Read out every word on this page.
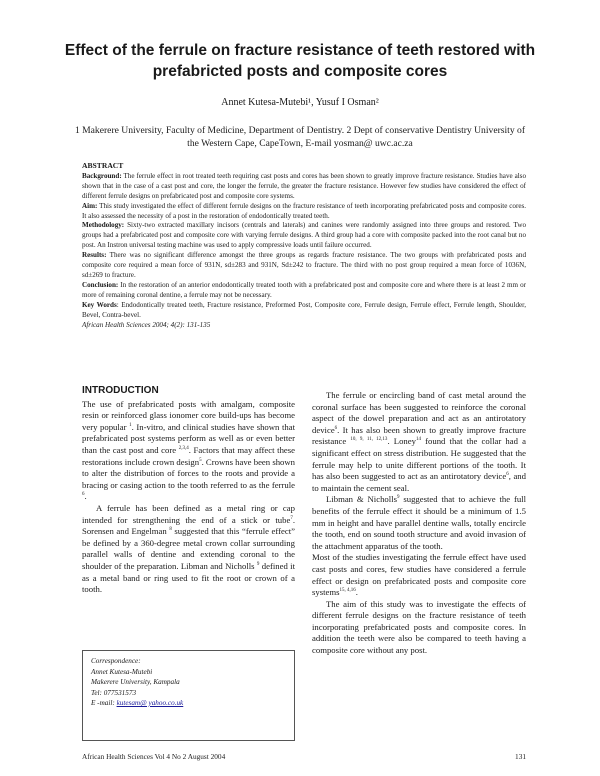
Effect of the ferrule on fracture resistance of teeth restored with prefabricted posts and composite cores
Annet Kutesa-Mutebi¹, Yusuf I Osman²
1 Makerere University, Faculty of Medicine, Department of Dentistry. 2 Dept of conservative Dentistry University of the Western Cape, CapeTown, E-mail yosman@ uwc.ac.za

ABSTRACT

Background: The ferrule effect in root treated teeth requiring cast posts and cores has been shown to greatly improve fracture resistance. Studies have also shown that in the case of a cast post and core, the longer the ferrule, the greater the fracture resistance. However few studies have considered the effect of different ferrule designs on prefabricated post and composite core systems.

Aim: This study investigated the effect of different ferrule designs on the fracture resistance of teeth incorporating prefabricated posts and composite cores. It also assessed the necessity of a post in the restoration of endodontically treated teeth.

Methodology: Sixty-two extracted maxillary incisors (centrals and laterals) and canines were randomly assigned into three groups and restored. Two groups had a prefabricated post and composite core with varying ferrule designs. A third group had a core with composite packed into the root canal but no post. An Instron universal testing machine was used to apply compressive loads until failure occurred.

Results: There was no significant difference amongst the three groups as regards fracture resistance. The two groups with prefabricated posts and composite core required a mean force of 931N, sd±283 and 931N, Sd±242 to fracture. The third with no post group required a mean force of 1036N, sd±269 to fracture.

Conclusion: In the restoration of an anterior endodontically treated tooth with a prefabricated post and composite core and where there is at least 2 mm or more of remaining coronal dentine, a ferrule may not be necessary.

Key Words: Endodontically treated teeth, Fracture resistance, Preformed Post, Composite core, Ferrule design, Ferrule effect, Ferrule length, Shoulder, Bevel, Contra-bevel.

African Health Sciences 2004; 4(2): 131-135

INTRODUCTION

The use of prefabricated posts with amalgam, composite resin or reinforced glass ionomer core build-ups has become very popular $^1$. In-vitro, and clinical studies have shown that prefabricated post systems perform as well as or even better than the cast post and core $^{2,3,4}$. Factors that may affect these restorations include crown design$^5$. Crowns have been shown to alter the distribution of forces to the roots and provide a bracing or casing action to the tooth referred to as the ferrule $^6$.

A ferrule has been defined as a metal ring or cap intended for strengthening the end of a stick or tube$^7$. Sorensen and Engelman $^8$ suggested that this “ferrule effect” be defined by a 360-degree metal crown collar surrounding parallel walls of dentine and extending coronal to the shoulder of the preparation. Libman and Nicholls $^9$ defined it as a metal band or ring used to fit the root or crown of a tooth.

Correspondence:
Annet Kutesa-Mutebi
Makerere University, Kampala
Tel: 077531573
E -mail: kutesam@ yahoo.co.uk

The ferrule or encircling band of cast metal around the coronal surface has been suggested to reinforce the coronal aspect of the dowel preparation and act as an antirotatory device$^6$. It has also been shown to greatly improve fracture resistance $^{10, 9, 11, 12,13}$. Loney$^{14}$ found that the collar had a significant effect on stress distribution. He suggested that the ferrule may help to unite different portions of the tooth. It has also been suggested to act as an antirotatory device$^6$, and to maintain the cement seal.

Libman & Nicholls$^9$ suggested that to achieve the full benefits of the ferrule effect it should be a minimum of 1.5 mm in height and have parallel dentine walls, totally encircle the tooth, end on sound tooth structure and avoid invasion of the attachment apparatus of the tooth.

Most of the studies investigating the ferrule effect have used cast posts and cores, few studies have considered a ferrule effect or design on prefabricated posts and composite core systems$^{15, 4,16}$.

The aim of this study was to investigate the effects of different ferrule designs on the fracture resistance of teeth incorporating prefabricated posts and composite cores. In addition the teeth were also be compared to teeth having a composite core without any post.

African Health Sciences Vol 4 No 2 August 2004	131
